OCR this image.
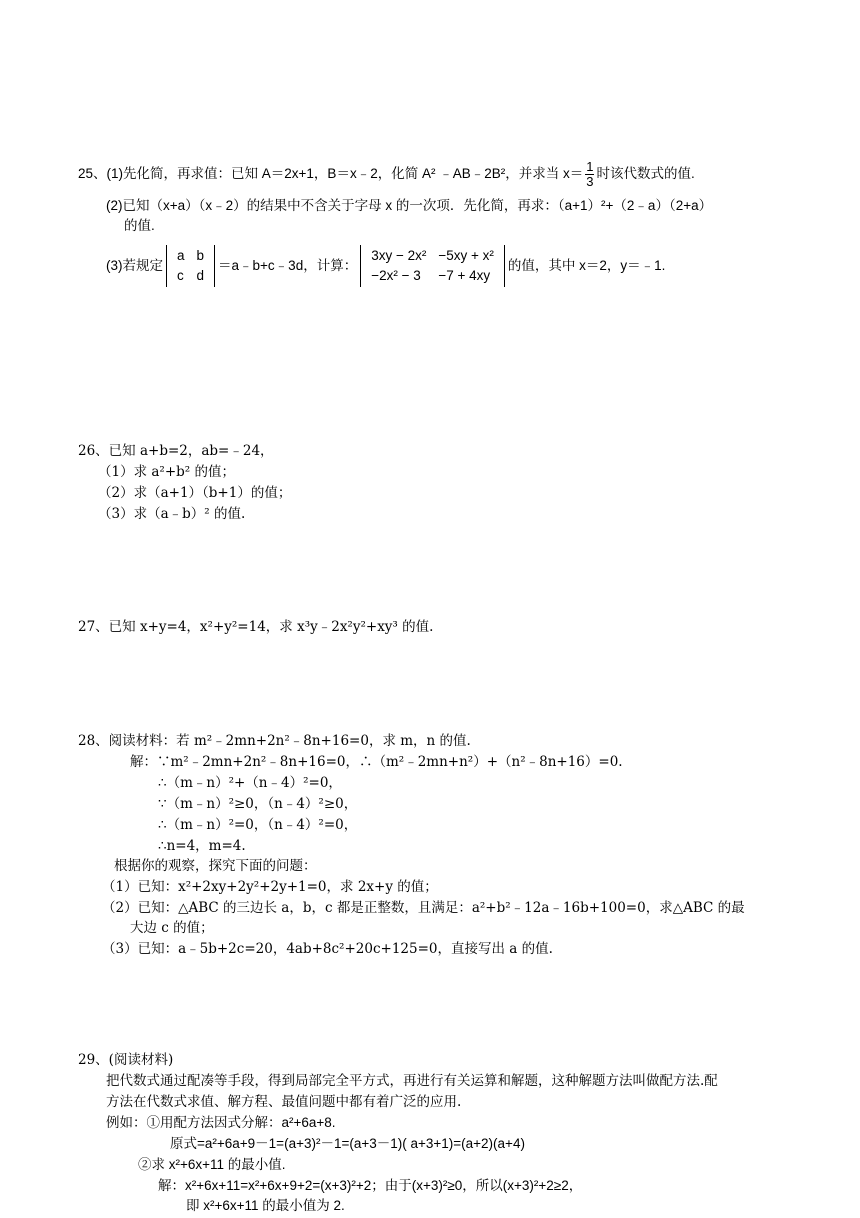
25、(1)先化简，再求值：已知 A＝2x+1，B＝x﹣2，化简 A² ﹣AB﹣2B²，并求当 $x= \frac{1}{3}$ 时该代数式的值.
(2)已知（x+a）（x﹣2）的结果中不含关于字母 x 的一次项．先化简，再求：（a+1）²+（2﹣a）（2+a）
的值.
(3)若规定
a	b
c	d
＝a﹣b+c﹣3d，计算：
3xy − 2x²	−5xy + x²
−2x² − 3	−7 + 4xy
的值，其中 x＝2，y＝﹣1.
26、已知 a+b=2，ab=﹣24，
（1）求 a²+b² 的值；
（2）求（a+1）（b+1）的值；
（3）求（a﹣b）² 的值.
27、已知 x+y=4，x²+y²=14，求 x³y﹣2x²y²+xy³ 的值.
28、阅读材料：若 m²﹣2mn+2n²﹣8n+16=0，求 m，n 的值.
解：∵m²﹣2mn+2n²﹣8n+16=0，∴（m²﹣2mn+n²）+（n²﹣8n+16）=0.
∴（m﹣n）²+（n﹣4）²=0，
∵（m﹣n）²≥0，（n﹣4）²≥0，
∴（m﹣n）²=0，（n﹣4）²=0，
∴n=4，m=4.
根据你的观察，探究下面的问题：
（1）已知：x²+2xy+2y²+2y+1=0，求 2x+y 的值；
（2）已知：△ABC 的三边长 a，b，c 都是正整数，且满足：a²+b²﹣12a﹣16b+100=0，求△ABC 的最
大边 c 的值；
（3）已知：a﹣5b+2c=20，4ab+8c²+20c+125=0，直接写出 a 的值.
29、(阅读材料)
把代数式通过配凑等手段，得到局部完全平方式，再进行有关运算和解题，这种解题方法叫做配方法.配
方法在代数式求值、解方程、最值问题中都有着广泛的应用.
例如：①用配方法因式分解：a²+6a+8.
原式=a²+6a+9－1=(a+3)²－1=(a+3－1)( a+3+1)=(a+2)(a+4)
②求 x²+6x+11 的最小值.
解：x²+6x+11=x²+6x+9+2=(x+3)²+2；由于(x+3)²≥0，所以(x+3)²+2≥2，
即 x²+6x+11 的最小值为 2.
